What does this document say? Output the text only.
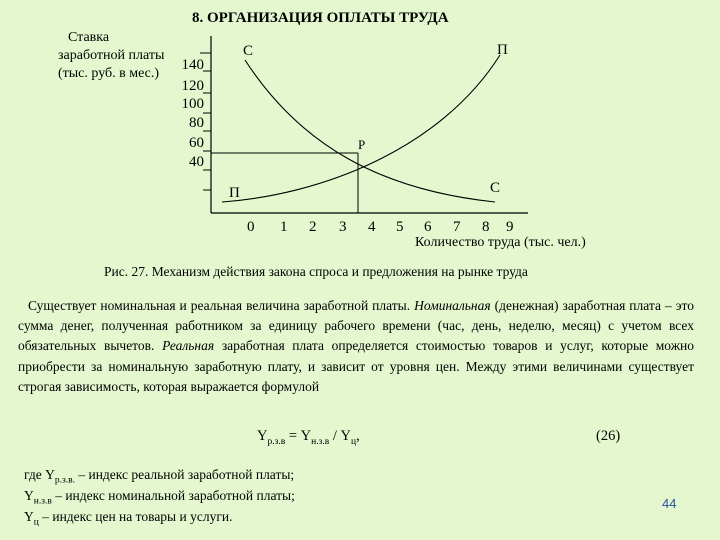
8. ОРГАНИЗАЦИЯ ОПЛАТЫ ТРУДА
Ставка
заработной платы
(тыс. руб. в мес.)
140
120
100
80
60
40
С
С
П
П
P
0 1 2 3 4 5 6 7 8 9
Количество труда (тыс. чел.)
Рис. 27. Механизм действия закона спроса и предложения на рынке труда
Существует номинальная и реальная величина заработной платы. Номинальная (денежная) заработная плата – это сумма денег, полученная работником за единицу рабочего времени (час, день, неделю, месяц) с учетом всех обязательных вычетов. Реальная заработная плата определяется стоимостью товаров и услуг, которые можно приобрести за номинальную заработную плату, и зависит от уровня цен. Между этими величинами существует строгая зависимость, которая выражается формулой
$Y_{р.з.в} = Y_{н.з.в} / Y_ц$,	(26)
где $Y_{р.з.в.}$ – индекс реальной заработной платы;
$Y_{н.з.в}$ – индекс номинальной заработной платы;
$Y_ц$ – индекс цен на товары и услуги.
44
